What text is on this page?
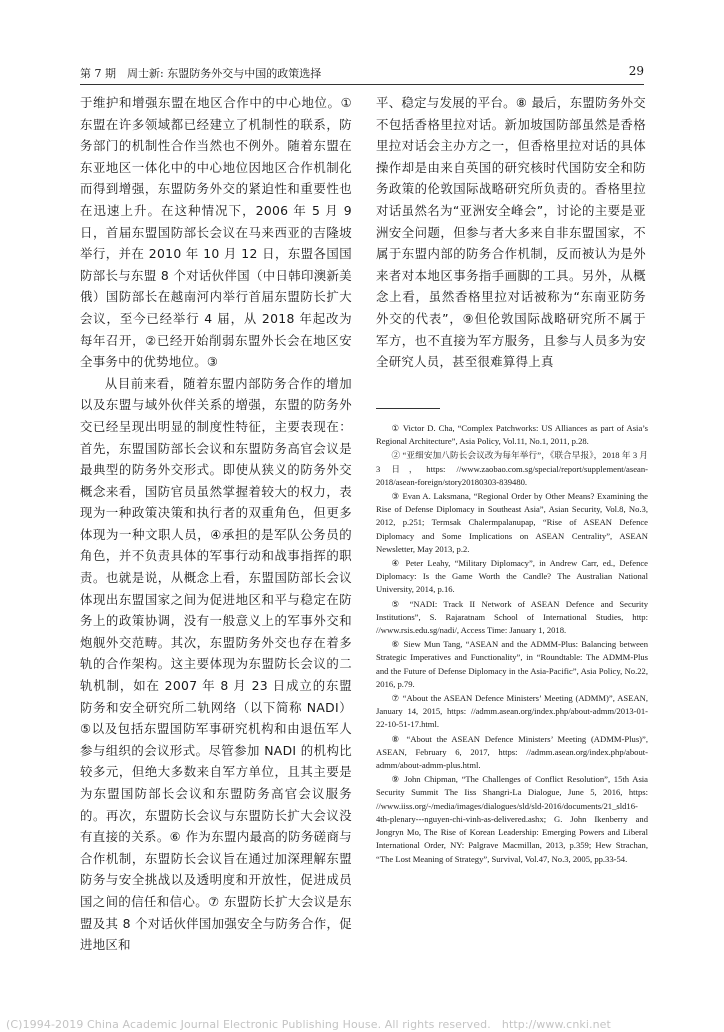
第 7 期　周士新: 东盟防务外交与中国的政策选择	29

于维护和增强东盟在地区合作中的中心地位。① 东盟在许多领域都已经建立了机制性的联系，防务部门的机制性合作当然也不例外。随着东盟在东亚地区一体化中的中心地位因地区合作机制化而得到增强，东盟防务外交的紧迫性和重要性也在迅速上升。在这种情况下，2006 年 5 月 9 日，首届东盟国防部长会议在马来西亚的吉隆坡举行，并在 2010 年 10 月 12 日，东盟各国国防部长与东盟 8 个对话伙伴国（中日韩印澳新美俄）国防部长在越南河内举行首届东盟防长扩大会议，至今已经举行 4 届，从 2018 年起改为每年召开，②已经开始削弱东盟外长会在地区安全事务中的优势地位。③

从目前来看，随着东盟内部防务合作的增加以及东盟与域外伙伴关系的增强，东盟的防务外交已经呈现出明显的制度性特征，主要表现在：首先，东盟国防部长会议和东盟防务高官会议是最典型的防务外交形式。即使从狭义的防务外交概念来看，国防官员虽然掌握着较大的权力，表现为一种政策决策和执行者的双重角色，但更多体现为一种文职人员，④承担的是军队公务员的角色，并不负责具体的军事行动和战事指挥的职责。也就是说，从概念上看，东盟国防部长会议体现出东盟国家之间为促进地区和平与稳定在防务上的政策协调，没有一般意义上的军事外交和炮舰外交范畴。其次，东盟防务外交也存在着多轨的合作架构。这主要体现为东盟防长会议的二轨机制，如在 2007 年 8 月 23 日成立的东盟防务和安全研究所二轨网络（以下简称 NADI）⑤以及包括东盟国防军事研究机构和由退伍军人参与组织的会议形式。尽管参加 NADI 的机构比较多元，但绝大多数来自军方单位，且其主要是为东盟国防部长会议和东盟防务高官会议服务的。再次，东盟防长会议与东盟防长扩大会议没有直接的关系。⑥ 作为东盟内最高的防务磋商与合作机制，东盟防长会议旨在通过加深理解东盟防务与安全挑战以及透明度和开放性，促进成员国之间的信任和信心。⑦ 东盟防长扩大会议是东盟及其 8 个对话伙伴国加强安全与防务合作，促进地区和

平、稳定与发展的平台。⑧ 最后，东盟防务外交不包括香格里拉对话。新加坡国防部虽然是香格里拉对话会主办方之一，但香格里拉对话的具体操作却是由来自英国的研究核时代国防安全和防务政策的伦敦国际战略研究所负责的。香格里拉对话虽然名为“亚洲安全峰会”，讨论的主要是亚洲安全问题，但参与者大多来自非东盟国家，不属于东盟内部的防务合作机制，反而被认为是外来者对本地区事务指手画脚的工具。另外，从概念上看，虽然香格里拉对话被称为“东南亚防务外交的代表”，⑨但伦敦国际战略研究所不属于军方，也不直接为军方服务，且参与人员多为安全研究人员，甚至很难算得上真

① Victor D. Cha, “Complex Patchworks: US Alliances as part of Asia’s Regional Architecture”, Asia Policy, Vol.11, No.1, 2011, p.28.

② “亚细安加八防长会议改为每年举行”，《联合早报》，2018 年 3 月 3 日，https: //www.zaobao.com.sg/special/report/supplement/asean-2018/asean-foreign/story20180303-839480.

③ Evan A. Laksmana, “Regional Order by Other Means? Examining the Rise of Defense Diplomacy in Southeast Asia”, Asian Security, Vol.8, No.3, 2012, p.251; Termsak Chalermpalanupap, “Rise of ASEAN Defence Diplomacy and Some Implications on ASEAN Centrality”, ASEAN Newsletter, May 2013, p.2.

④ Peter Leahy, “Military Diplomacy”, in Andrew Carr, ed., Defence Diplomacy: Is the Game Worth the Candle? The Australian National University, 2014, p.16.

⑤ “NADI: Track II Network of ASEAN Defence and Security Institutions”, S. Rajaratnam School of International Studies, http: //www.rsis.edu.sg/nadi/, Access Time: January 1, 2018.

⑥ Siew Mun Tang, “ASEAN and the ADMM-Plus: Balancing between Strategic Imperatives and Functionality”, in “Roundtable: The ADMM-Plus and the Future of Defense Diplomacy in the Asia-Pacific”, Asia Policy, No.22, 2016, p.79.

⑦ “About the ASEAN Defence Ministers’ Meeting (ADMM)”, ASEAN, January 14, 2015, https: //admm.asean.org/index.php/about-admm/2013-01-22-10-51-17.html.

⑧ “About the ASEAN Defence Ministers’ Meeting (ADMM-Plus)”, ASEAN, February 6, 2017, https: //admm.asean.org/index.php/about-admm/about-admm-plus.html.

⑨ John Chipman, “The Challenges of Conflict Resolution”, 15th Asia Security Summit The Iiss Shangri-La Dialogue, June 5, 2016, https: //www.iiss.org/-/media/images/dialogues/sld/sld-2016/documents/21_sld16-4th-plenary---nguyen-chi-vinh-as-delivered.ashx; G. John Ikenberry and Jongryn Mo, The Rise of Korean Leadership: Emerging Powers and Liberal International Order, NY: Palgrave Macmillan, 2013, p.359; Hew Strachan, “The Lost Meaning of Strategy”, Survival, Vol.47, No.3, 2005, pp.33-54.

(C)1994-2019 China Academic Journal Electronic Publishing House. All rights reserved.　http://www.cnki.net
